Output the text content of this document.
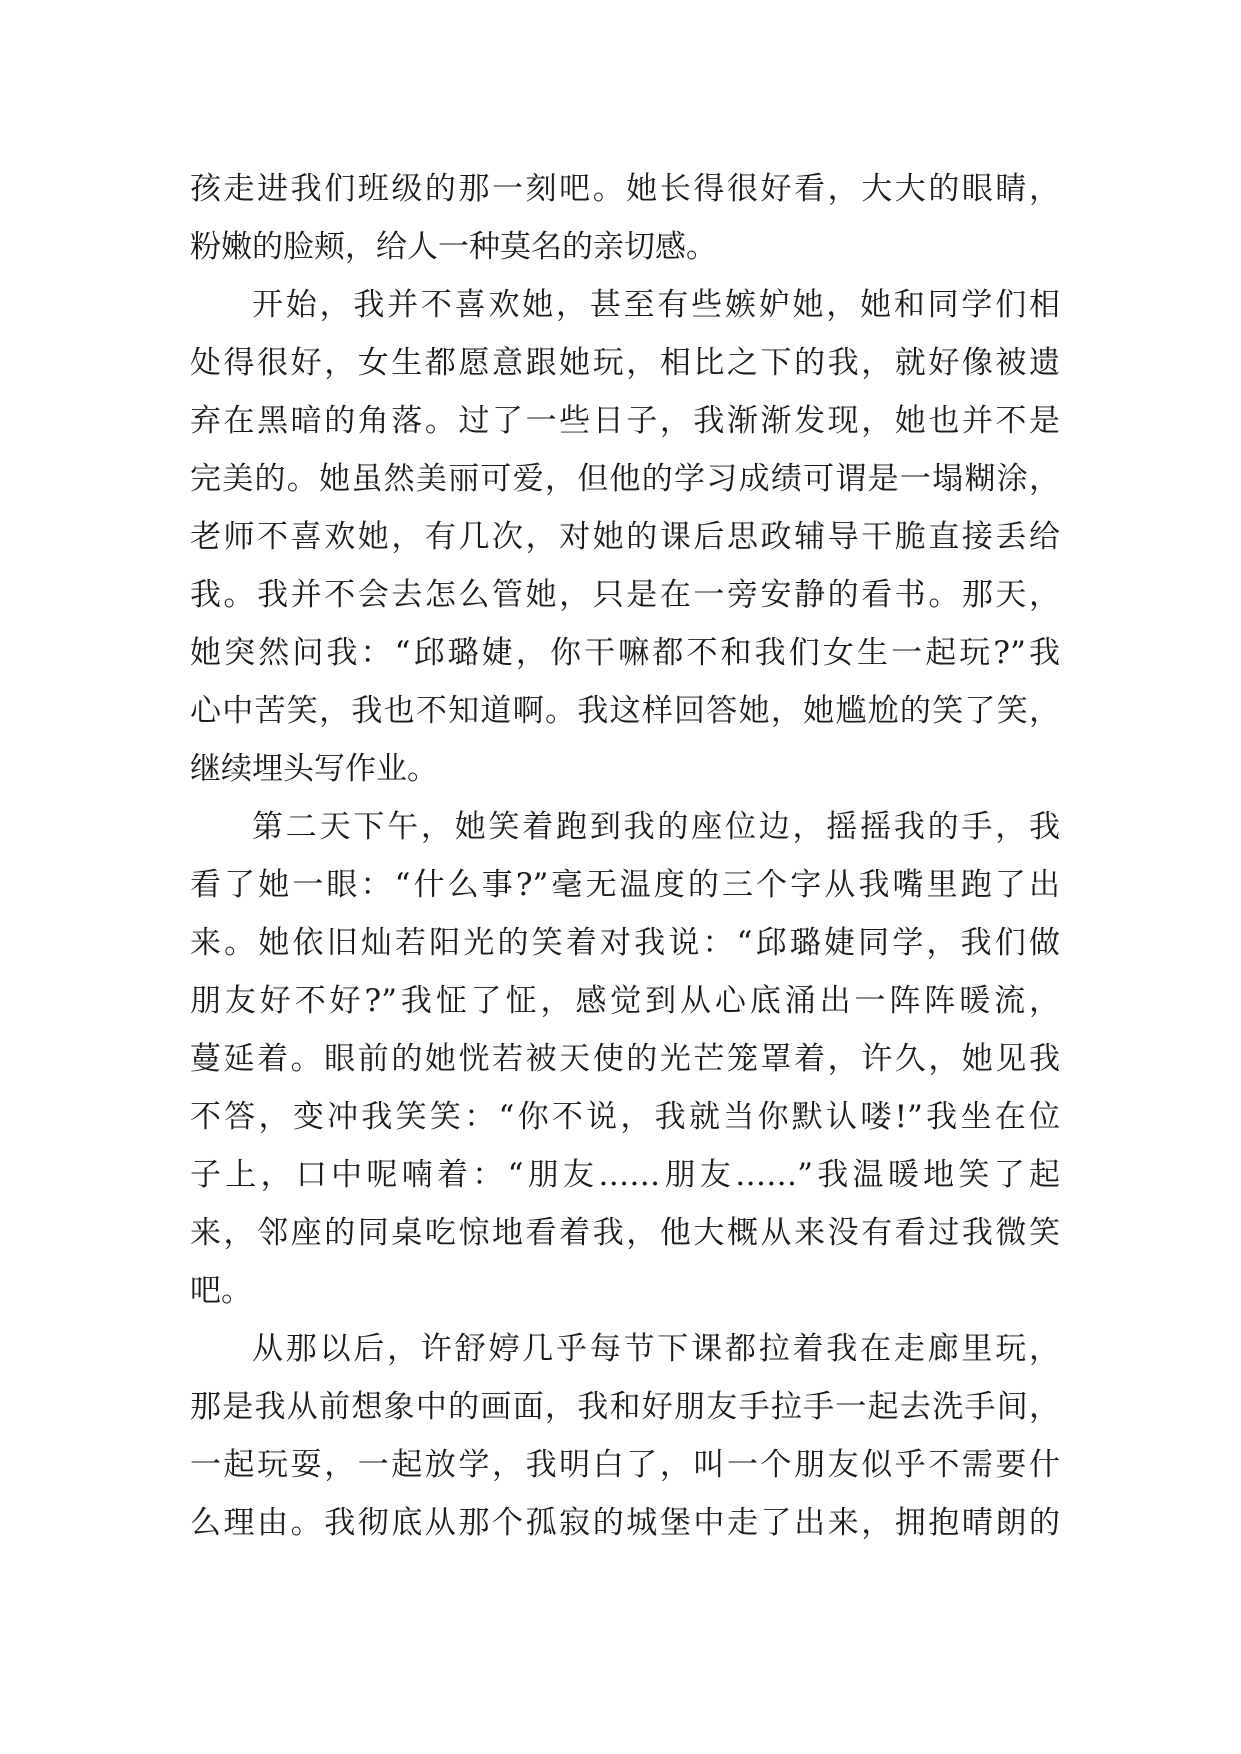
孩走进我们班级的那一刻吧。她长得很好看，大大的眼睛，
粉嫩的脸颊，给人一种莫名的亲切感。
开始，我并不喜欢她，甚至有些嫉妒她，她和同学们相
处得很好，女生都愿意跟她玩，相比之下的我，就好像被遗
弃在黑暗的角落。过了一些日子，我渐渐发现，她也并不是
完美的。她虽然美丽可爱，但他的学习成绩可谓是一塌糊涂，
老师不喜欢她，有几次，对她的课后思政辅导干脆直接丢给
我。我并不会去怎么管她，只是在一旁安静的看书。那天，
她突然问我：“邱璐婕，你干嘛都不和我们女生一起玩?”我
心中苦笑，我也不知道啊。我这样回答她，她尴尬的笑了笑，
继续埋头写作业。
第二天下午，她笑着跑到我的座位边，摇摇我的手，我
看了她一眼：“什么事?”毫无温度的三个字从我嘴里跑了出
来。她依旧灿若阳光的笑着对我说：“邱璐婕同学，我们做
朋友好不好?”我怔了怔，感觉到从心底涌出一阵阵暖流，
蔓延着。眼前的她恍若被天使的光芒笼罩着，许久，她见我
不答，变冲我笑笑：“你不说，我就当你默认喽!”我坐在位
子上，口中呢喃着：“朋友……朋友……”我温暖地笑了起
来，邻座的同桌吃惊地看着我，他大概从来没有看过我微笑
吧。
从那以后，许舒婷几乎每节下课都拉着我在走廊里玩，
那是我从前想象中的画面，我和好朋友手拉手一起去洗手间，
一起玩耍，一起放学，我明白了，叫一个朋友似乎不需要什
么理由。我彻底从那个孤寂的城堡中走了出来，拥抱晴朗的
